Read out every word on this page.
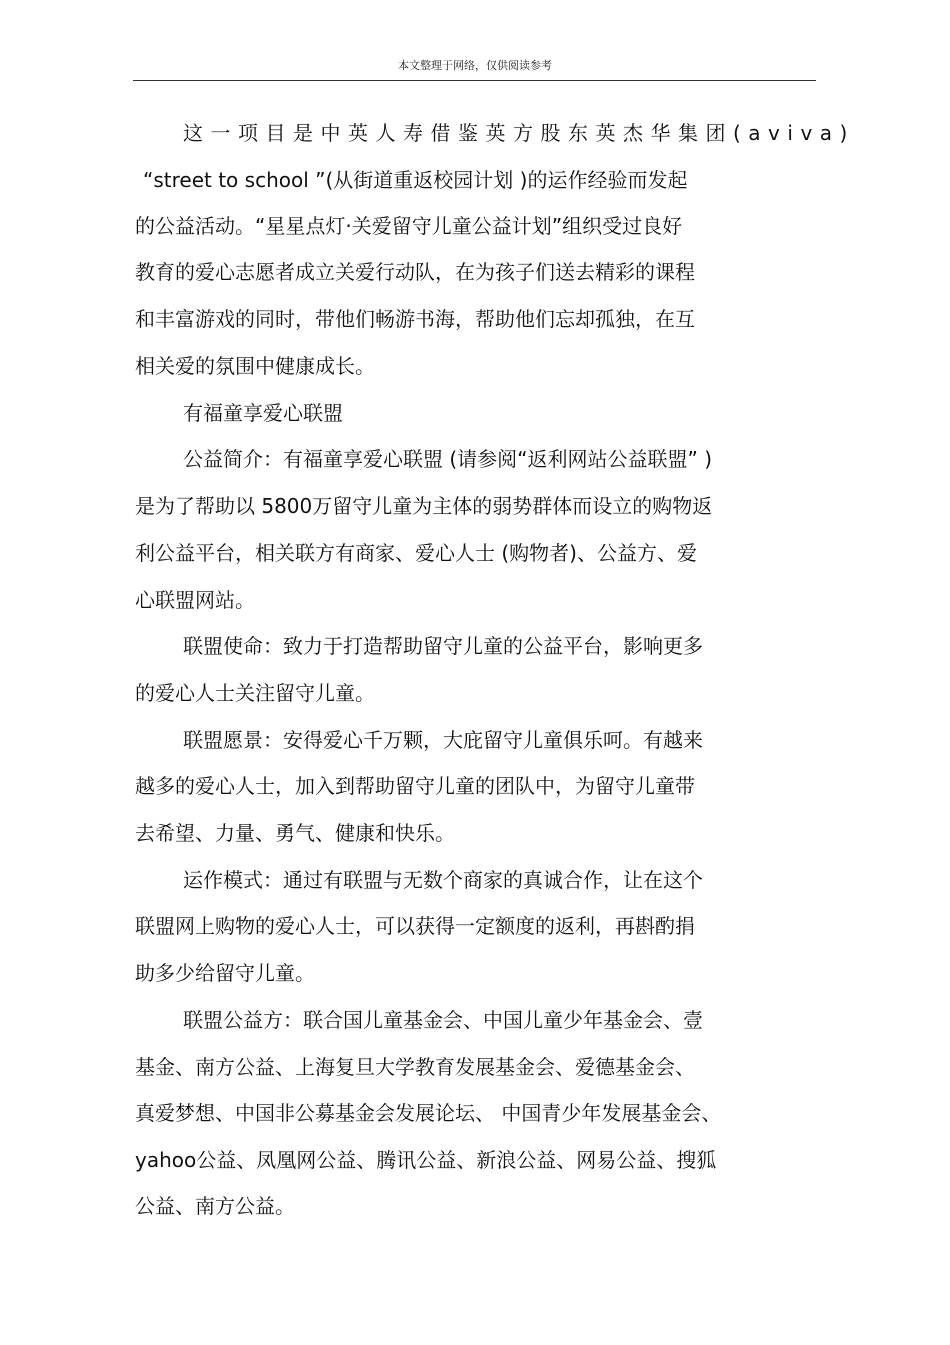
本文整理于网络，仅供阅读参考
这一项目是中英人寿借鉴英方股东英杰华集团(aviva)
“street to school ”(从街道重返校园计划 )的运作经验而发起
的公益活动。“星星点灯·关爱留守儿童公益计划”组织受过良好
教育的爱心志愿者成立关爱行动队，在为孩子们送去精彩的课程
和丰富游戏的同时，带他们畅游书海，帮助他们忘却孤独，在互
相关爱的氛围中健康成长。
有福童享爱心联盟
公益简介：有福童享爱心联盟 (请参阅“返利网站公益联盟” )
是为了帮助以 5800万留守儿童为主体的弱势群体而设立的购物返
利公益平台，相关联方有商家、爱心人士 (购物者)、公益方、爱
心联盟网站。
联盟使命：致力于打造帮助留守儿童的公益平台，影响更多
的爱心人士关注留守儿童。
联盟愿景：安得爱心千万颗，大庇留守儿童俱乐呵。有越来
越多的爱心人士，加入到帮助留守儿童的团队中，为留守儿童带
去希望、力量、勇气、健康和快乐。
运作模式：通过有联盟与无数个商家的真诚合作，让在这个
联盟网上购物的爱心人士，可以获得一定额度的返利，再斟酌捐
助多少给留守儿童。
联盟公益方：联合国儿童基金会、中国儿童少年基金会、壹
基金、南方公益、上海复旦大学教育发展基金会、爱德基金会、
真爱梦想、中国非公募基金会发展论坛、 中国青少年发展基金会、
yahoo公益、凤凰网公益、腾讯公益、新浪公益、网易公益、搜狐
公益、南方公益。
